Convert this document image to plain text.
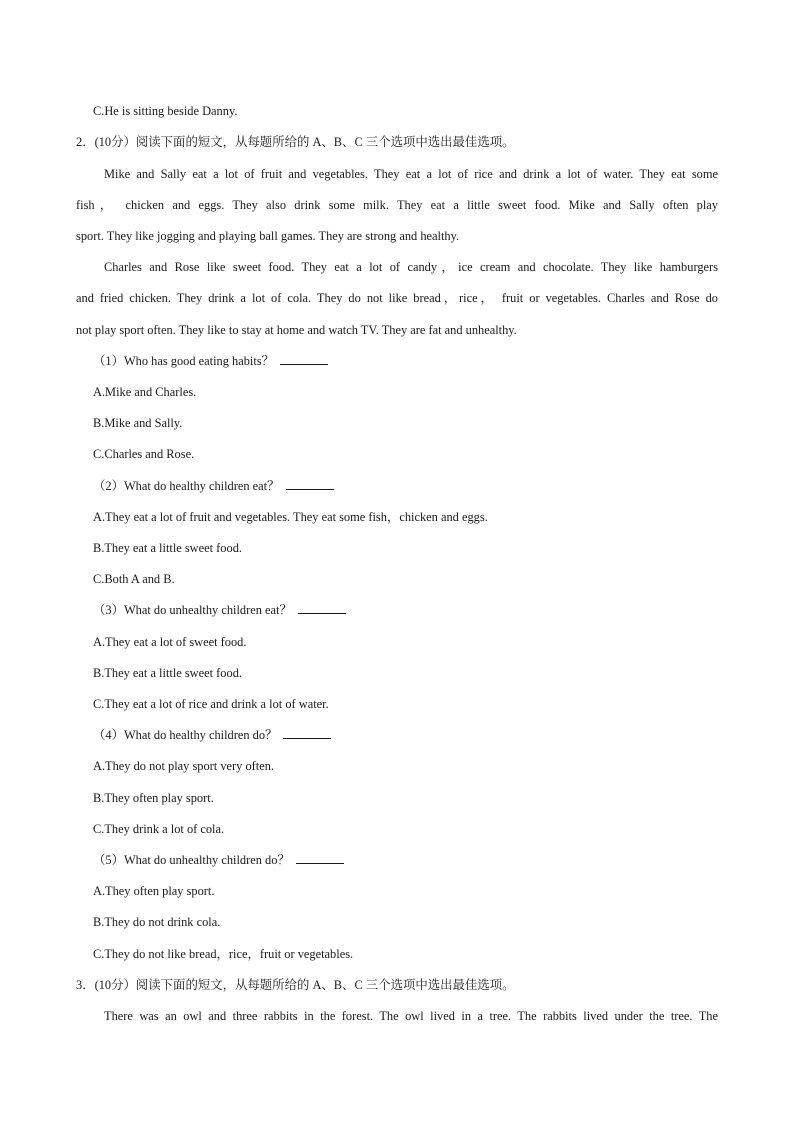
C.He is sitting beside Danny.
2．(10分）阅读下面的短文，从每题所给的 A、B、C 三个选项中选出最佳选项。
Mike and Sally eat a lot of fruit and vegetables. They eat a lot of rice and drink a lot of water. They eat some
fish， chicken and eggs. They also drink some milk. They eat a little sweet food. Mike and Sally often play
sport. They like jogging and playing ball games. They are strong and healthy.
Charles and Rose like sweet food. They eat a lot of candy，ice cream and chocolate. They like hamburgers
and fried chicken. They drink a lot of cola. They do not like bread，rice， fruit or vegetables. Charles and Rose do
not play sport often. They like to stay at home and watch TV. They are fat and unhealthy.
（1）Who has good eating habits？
A.Mike and Charles.
B.Mike and Sally.
C.Charles and Rose.
（2）What do healthy children eat？
A.They eat a lot of fruit and vegetables. They eat some fish，chicken and eggs.
B.They eat a little sweet food.
C.Both A and B.
（3）What do unhealthy children eat？
A.They eat a lot of sweet food.
B.They eat a little sweet food.
C.They eat a lot of rice and drink a lot of water.
（4）What do healthy children do？
A.They do not play sport very often.
B.They often play sport.
C.They drink a lot of cola.
（5）What do unhealthy children do？
A.They often play sport.
B.They do not drink cola.
C.They do not like bread，rice，fruit or vegetables.
3．(10分）阅读下面的短文，从每题所给的 A、B、C 三个选项中选出最佳选项。
There was an owl and three rabbits in the forest. The owl lived in a tree. The rabbits lived under the tree. The
